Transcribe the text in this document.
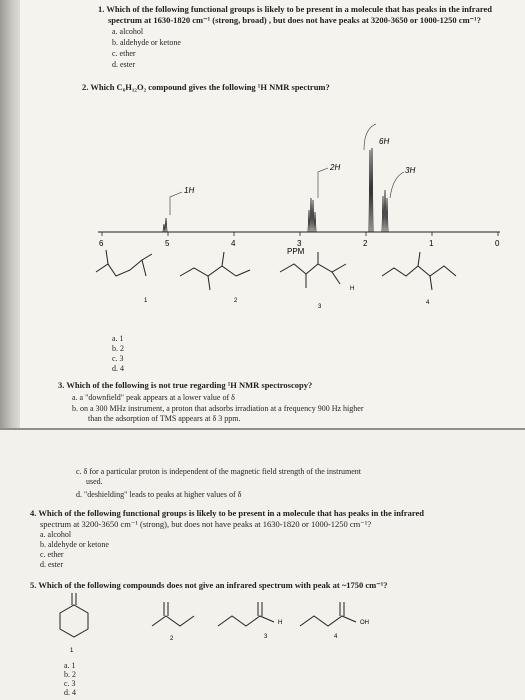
1. Which of the following functional groups is likely to be present in a molecule that has peaks in the infrared
spectrum at 1630-1820 cm⁻¹ (strong, broad) , but does not have peaks at 3200-3650 or 1000-1250 cm⁻¹?
a. alcohol
b. aldehyde or ketone
c. ether
d. ester
2. Which C₆H₁₂O₂ compound gives the following ¹H NMR spectrum?
6H
3H
2H
1H
6	5	4	3	2	1	0
PPM
1	2
3
4
H
a. 1
b. 2
c. 3
d. 4
3. Which of the following is not true regarding ¹H NMR spectroscopy?
a. a "downfield" peak appears at a lower value of δ
b. on a 300 MHz instrument, a proton that adsorbs irradiation at a frequency 900 Hz higher
than the adsorption of TMS appears at δ 3 ppm.
c. δ for a particular proton is independent of the magnetic field strength of the instrument
used.
d. "deshielding" leads to peaks at higher values of δ
4. Which of the following functional groups is likely to be present in a molecule that has peaks in the infrared
spectrum at 3200-3650 cm⁻¹ (strong), but does not have peaks at 1630-1820 or 1000-1250 cm⁻¹?
a. alcohol
b. aldehyde or ketone
c. ether
d. ester
5. Which of the following compounds does not give an infrared spectrum with peak at ~1750 cm⁻¹?
1
2	3	4
H	OH
a. 1
b. 2
c. 3
d. 4
